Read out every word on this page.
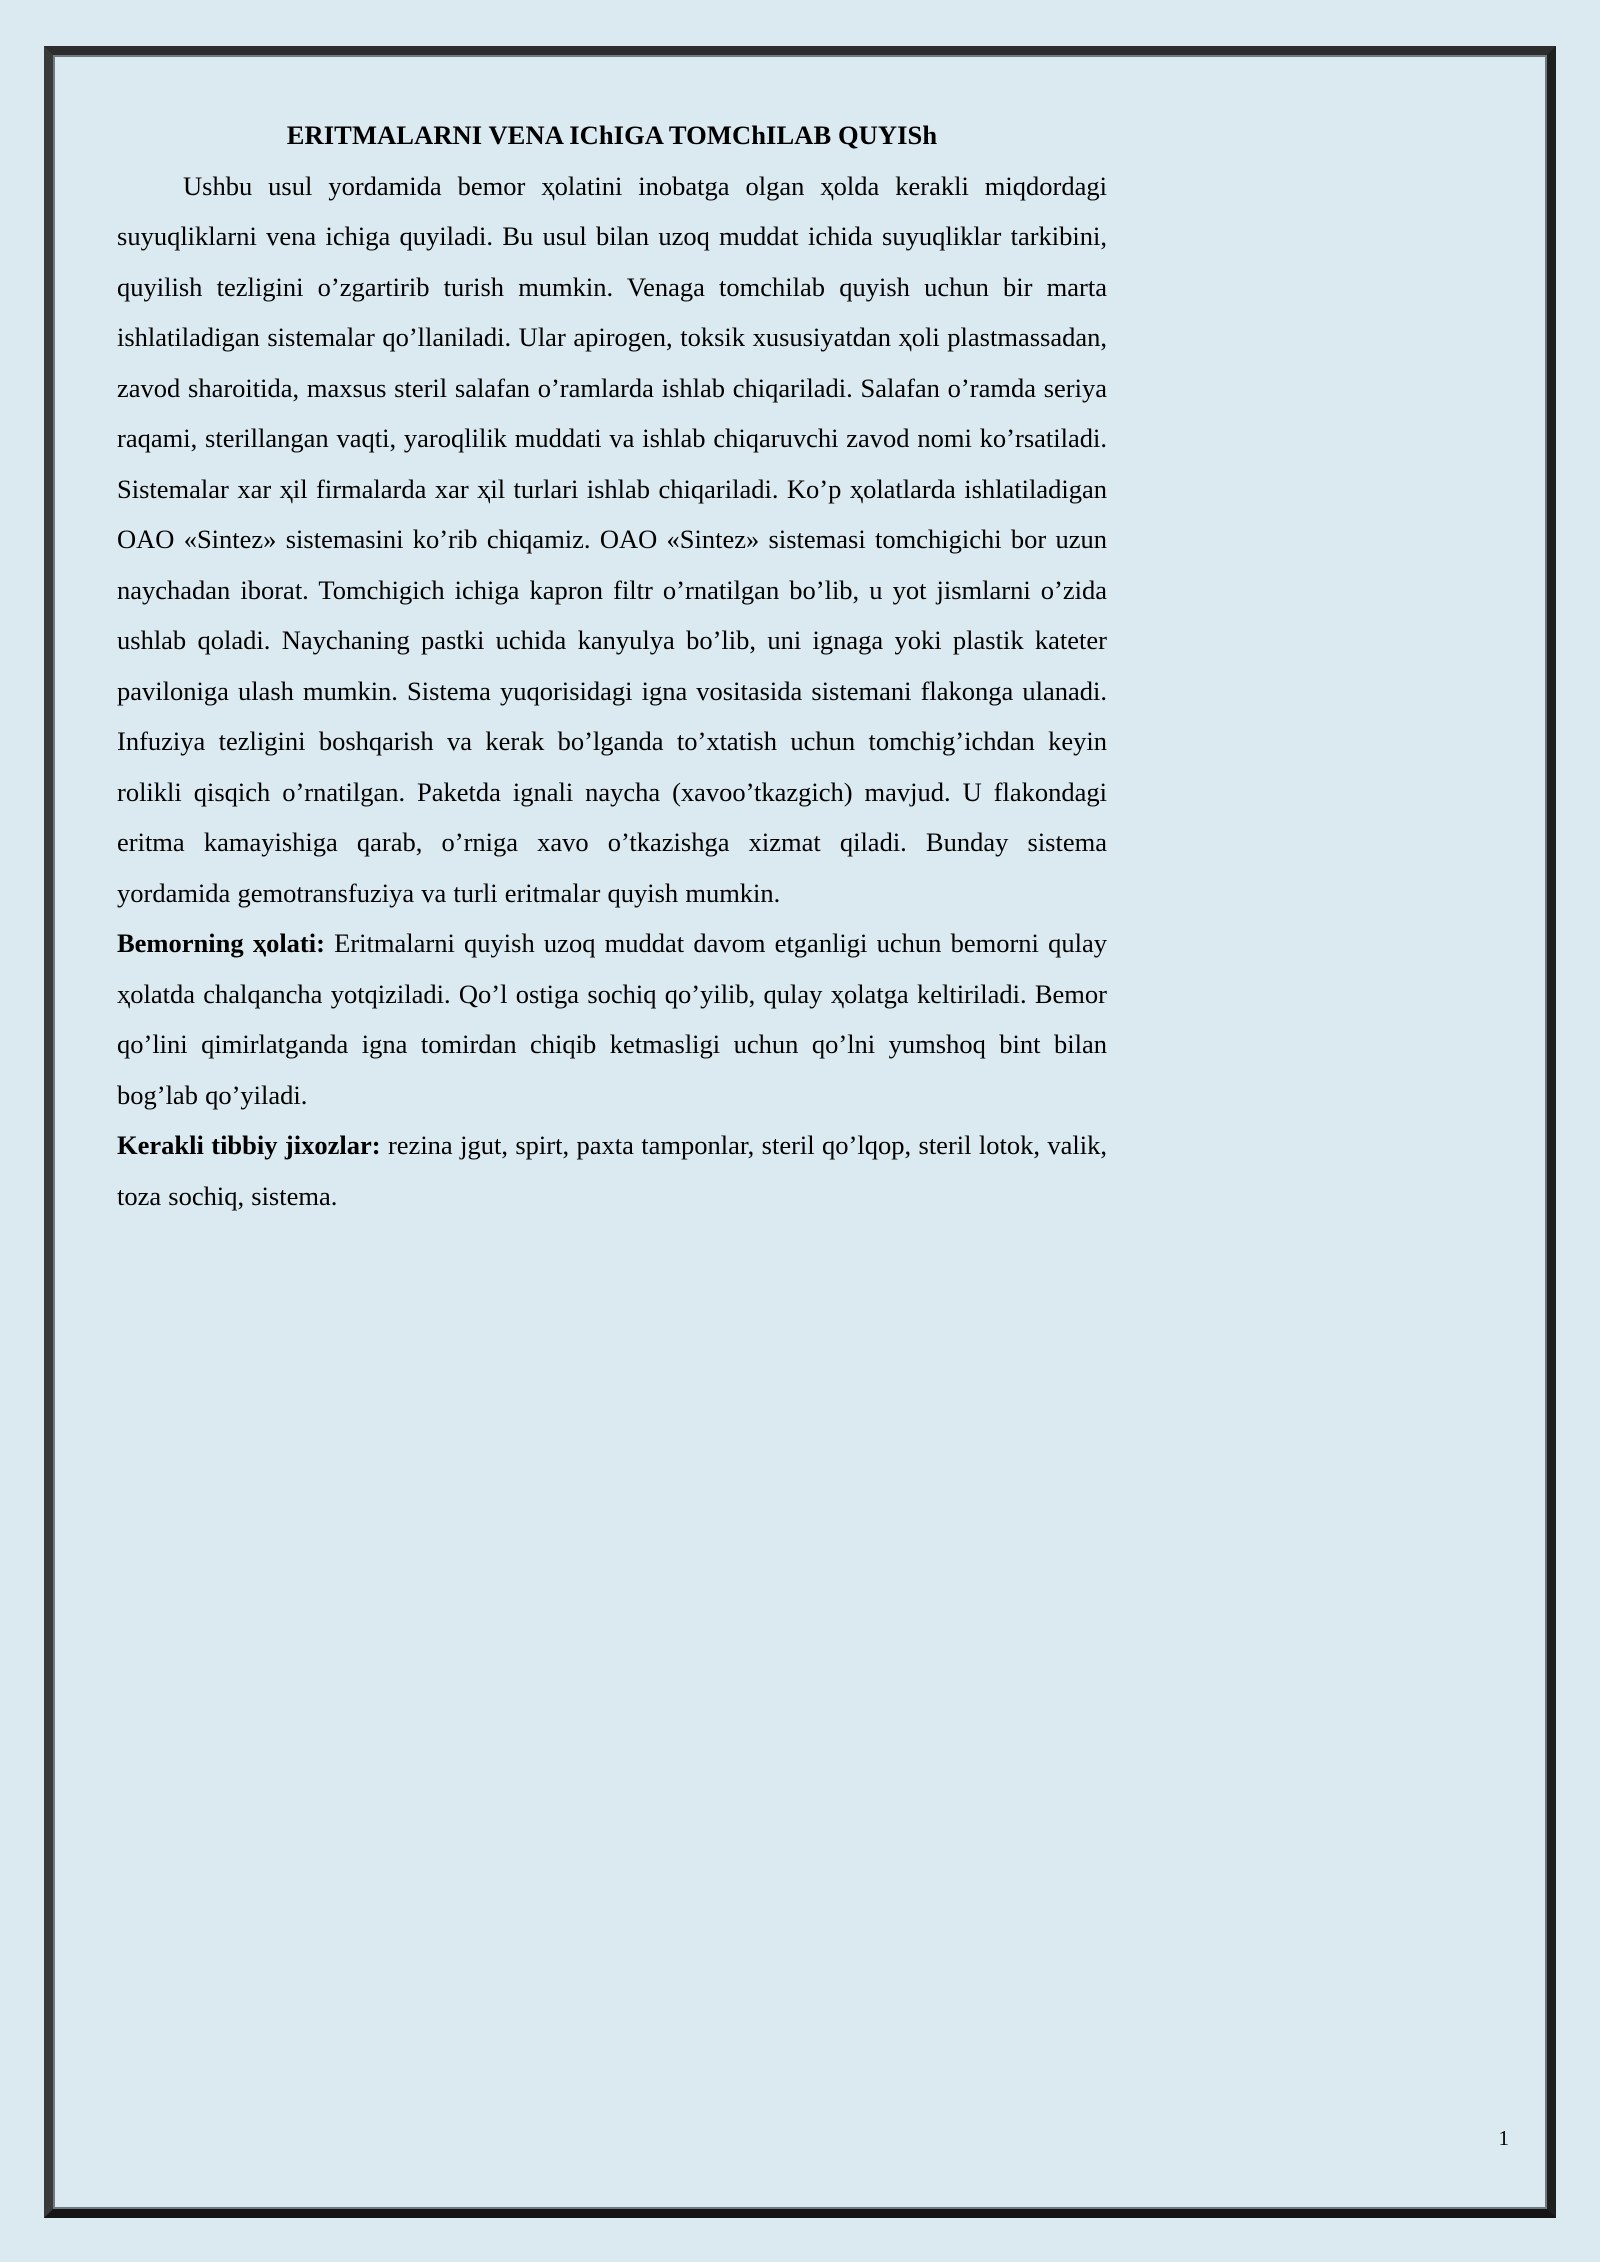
ERITMALARNI VENA IChIGA TOMChILAB QUYISh

Ushbu usul yordamida bemor ҳolatini inobatga olgan ҳolda kerakli miqdordagi suyuqliklarni vena ichiga quyiladi. Bu usul bilan uzoq muddat ichida suyuqliklar tarkibini, quyilish tezligini o’zgartirib turish mumkin. Venaga tomchilab quyish uchun bir marta ishlatiladigan sistemalar qo’llaniladi. Ular apirogen, toksik xususiyatdan ҳoli plastmassadan, zavod sharoitida, maxsus steril salafan o’ramlarda ishlab chiqariladi. Salafan o’ramda seriya raqami, sterillangan vaqti, yaroqlilik muddati va ishlab chiqaruvchi zavod nomi ko’rsatiladi. Sistemalar xar ҳil firmalarda xar ҳil turlari ishlab chiqariladi. Ko’p ҳolatlarda ishlatiladigan OAO «Sintez» sistemasini ko’rib chiqamiz. OAO «Sintez» sistemasi tomchigichi bor uzun naychadan iborat. Tomchigich ichiga kapron filtr o’rnatilgan bo’lib, u yot jismlarni o’zida ushlab qoladi. Naychaning pastki uchida kanyulya bo’lib, uni ignaga yoki plastik kateter paviloniga ulash mumkin. Sistema yuqorisidagi igna vositasida sistemani flakonga ulanadi. Infuziya tezligini boshqarish va kerak bo’lganda to’xtatish uchun tomchig’ichdan keyin rolikli qisqich o’rnatilgan. Paketda ignali naycha (xavoo’tkazgich) mavjud. U flakondagi eritma kamayishiga qarab, o’rniga xavo o’tkazishga xizmat qiladi. Bunday sistema yordamida gemotransfuziya va turli eritmalar quyish mumkin.

Bemorning ҳolati: Eritmalarni quyish uzoq muddat davom etganligi uchun bemorni qulay ҳolatda chalqancha yotqiziladi. Qo’l ostiga sochiq qo’yilib, qulay ҳolatga keltiriladi. Bemor qo’lini qimirlatganda igna tomirdan chiqib ketmasligi uchun qo’lni yumshoq bint bilan bog’lab qo’yiladi.

Kerakli tibbiy jixozlar: rezina jgut, spirt, paxta tamponlar, steril qo’lqop, steril lotok, valik, toza sochiq, sistema.

1
